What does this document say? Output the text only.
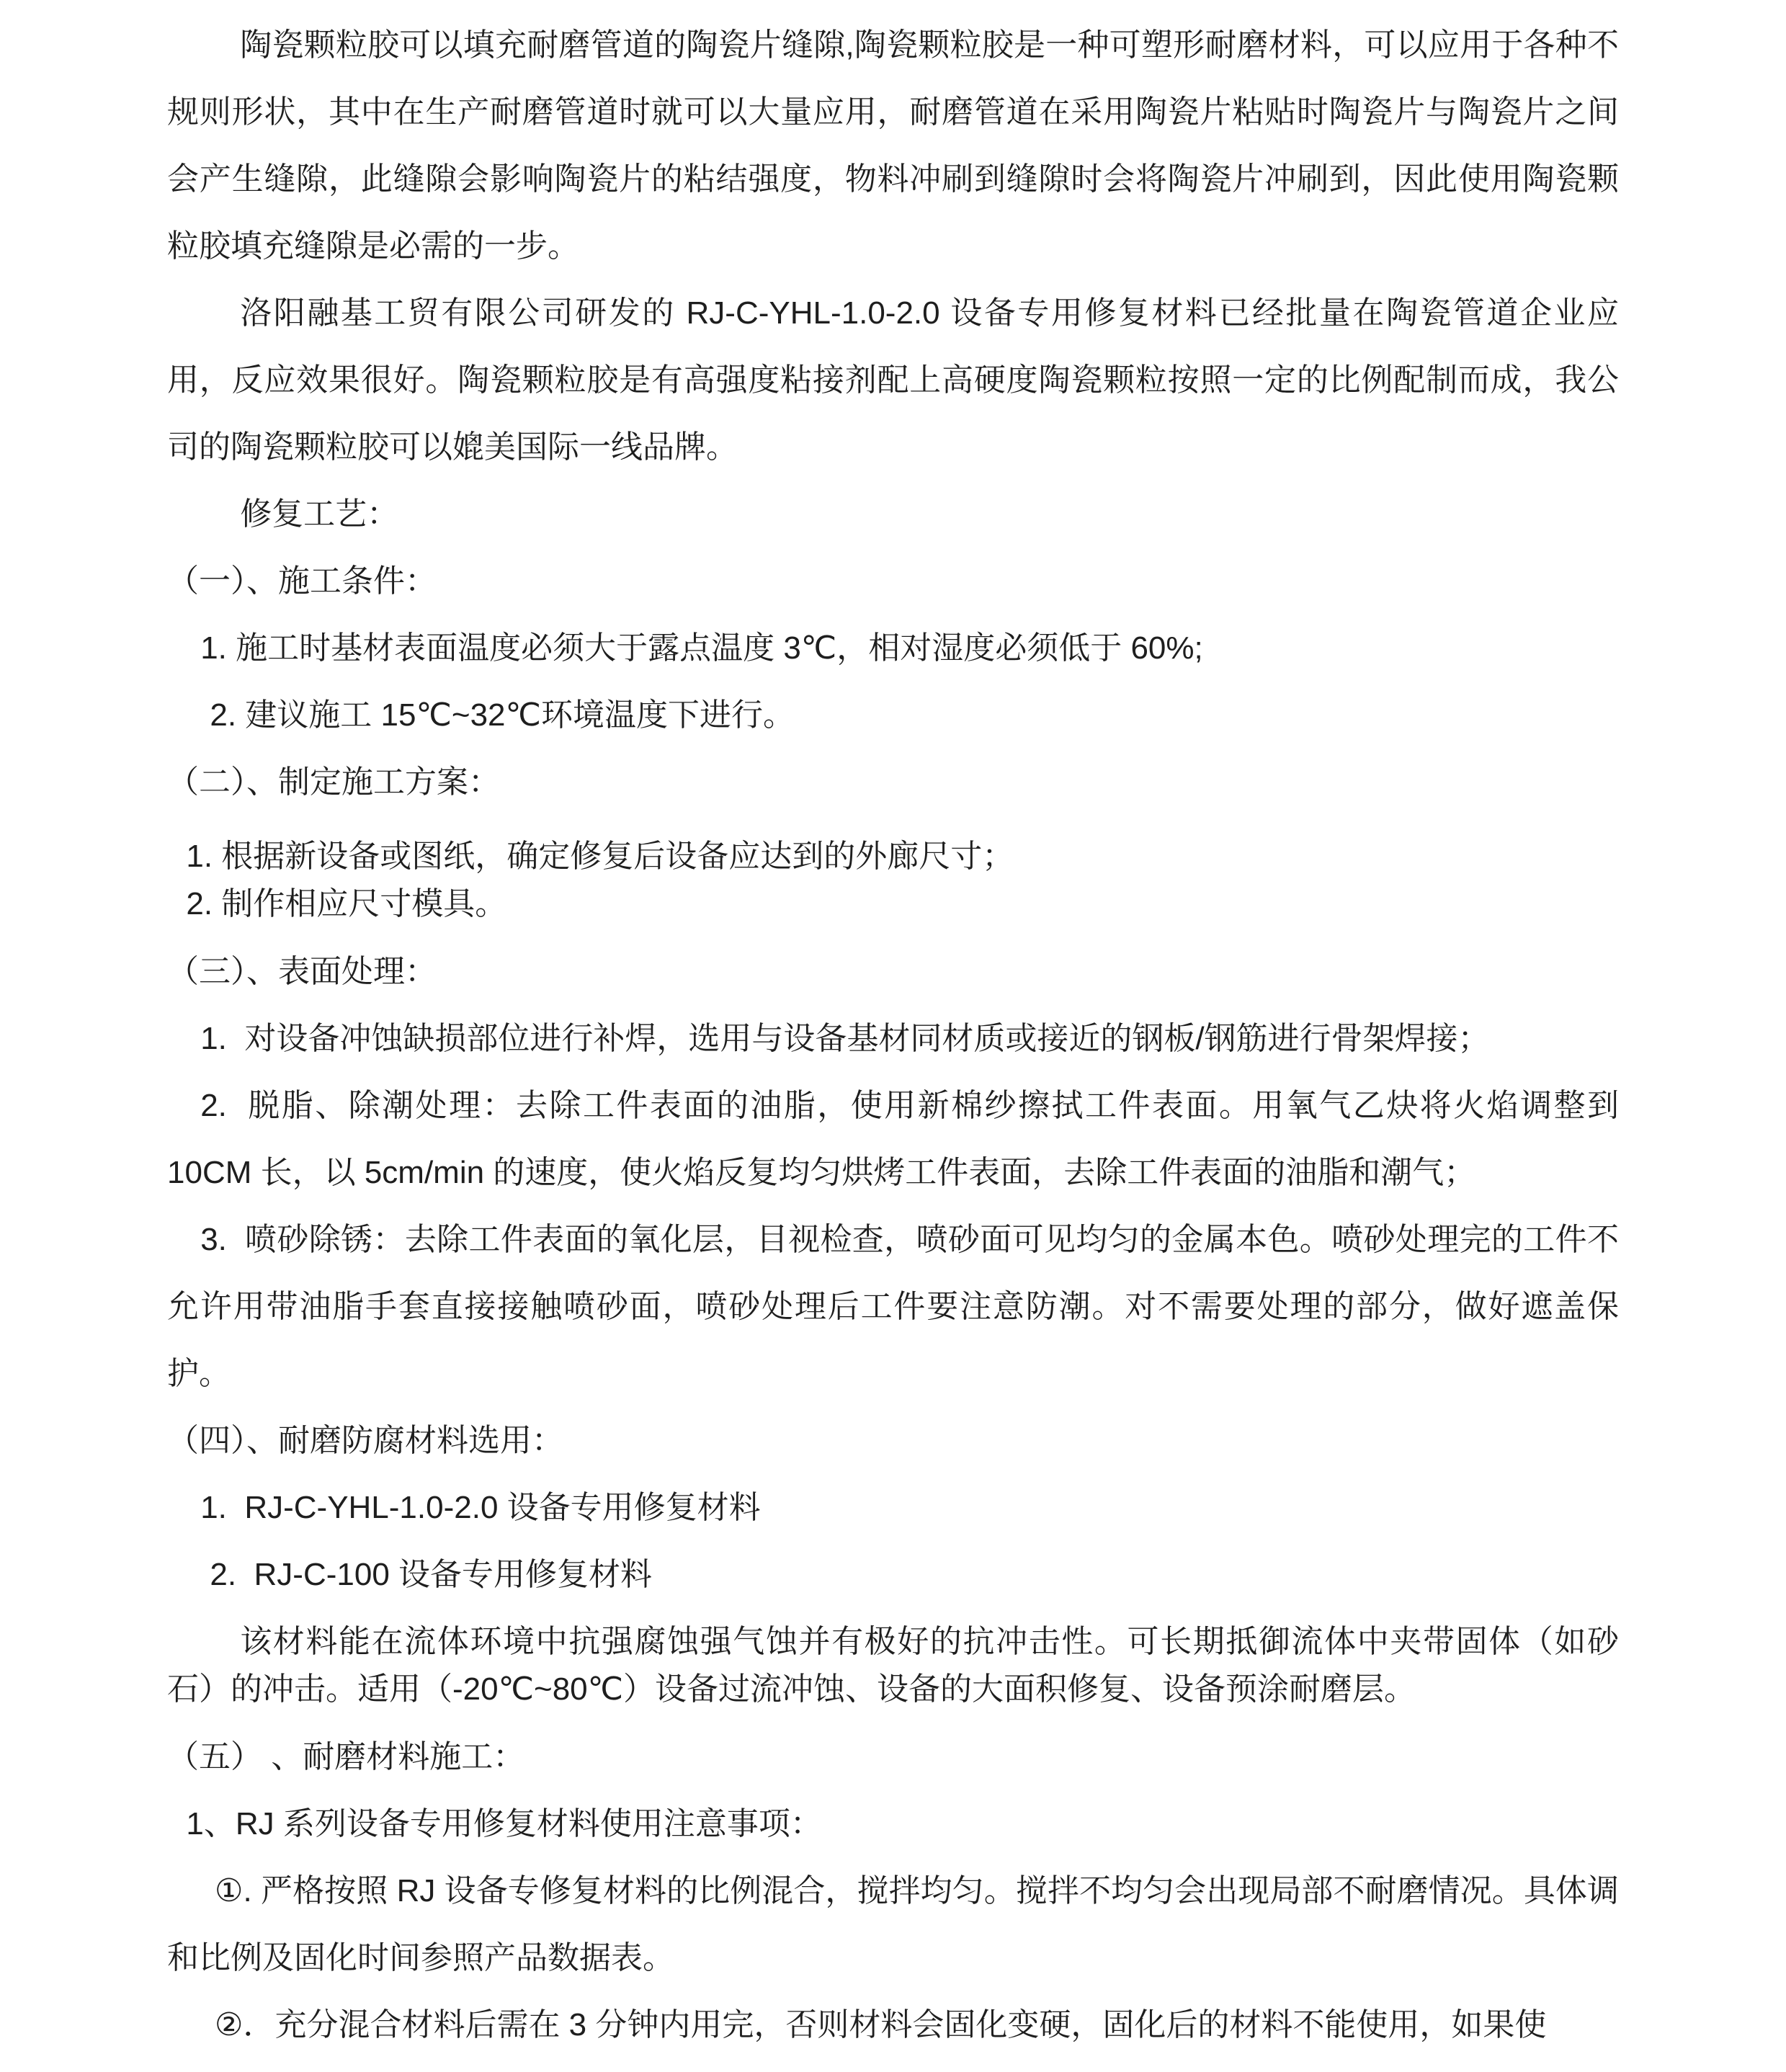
陶瓷颗粒胶可以填充耐磨管道的陶瓷片缝隙,陶瓷颗粒胶是一种可塑形耐磨材料，可以应用于各种不规则形状，其中在生产耐磨管道时就可以大量应用，耐磨管道在采用陶瓷片粘贴时陶瓷片与陶瓷片之间会产生缝隙，此缝隙会影响陶瓷片的粘结强度，物料冲刷到缝隙时会将陶瓷片冲刷到，因此使用陶瓷颗粒胶填充缝隙是必需的一步。

洛阳融基工贸有限公司研发的 RJ-C-YHL-1.0-2.0 设备专用修复材料已经批量在陶瓷管道企业应用，反应效果很好。陶瓷颗粒胶是有高强度粘接剂配上高硬度陶瓷颗粒按照一定的比例配制而成，我公司的陶瓷颗粒胶可以媲美国际一线品牌。

修复工艺：

（一）、施工条件：

1. 施工时基材表面温度必须大于露点温度 3℃，相对湿度必须低于 60%;

2. 建议施工 15℃~32℃环境温度下进行。

（二）、制定施工方案：

1. 根据新设备或图纸，确定修复后设备应达到的外廊尺寸；

2. 制作相应尺寸模具。

（三）、表面处理：

1.  对设备冲蚀缺损部位进行补焊，选用与设备基材同材质或接近的钢板/钢筋进行骨架焊接；

2.  脱脂、除潮处理：去除工件表面的油脂，使用新棉纱擦拭工件表面。用氧气乙炔将火焰调整到 10CM 长，以 5cm/min 的速度，使火焰反复均匀烘烤工件表面，去除工件表面的油脂和潮气；

3.  喷砂除锈：去除工件表面的氧化层，目视检查，喷砂面可见均匀的金属本色。喷砂处理完的工件不允许用带油脂手套直接接触喷砂面，喷砂处理后工件要注意防潮。对不需要处理的部分，做好遮盖保护。

（四）、耐磨防腐材料选用：

1.  RJ-C-YHL-1.0-2.0 设备专用修复材料

2.  RJ-C-100 设备专用修复材料

该材料能在流体环境中抗强腐蚀强气蚀并有极好的抗冲击性。可长期抵御流体中夹带固体（如砂石）的冲击。适用（-20℃~80℃）设备过流冲蚀、设备的大面积修复、设备预涂耐磨层。

（五） 、耐磨材料施工：

1、RJ 系列设备专用修复材料使用注意事项：

①. 严格按照 RJ 设备专修复材料的比例混合，搅拌均匀。搅拌不均匀会出现局部不耐磨情况。具体调和比例及固化时间参照产品数据表。

②．充分混合材料后需在 3 分钟内用完，否则材料会固化变硬，固化后的材料不能使用，如果使
